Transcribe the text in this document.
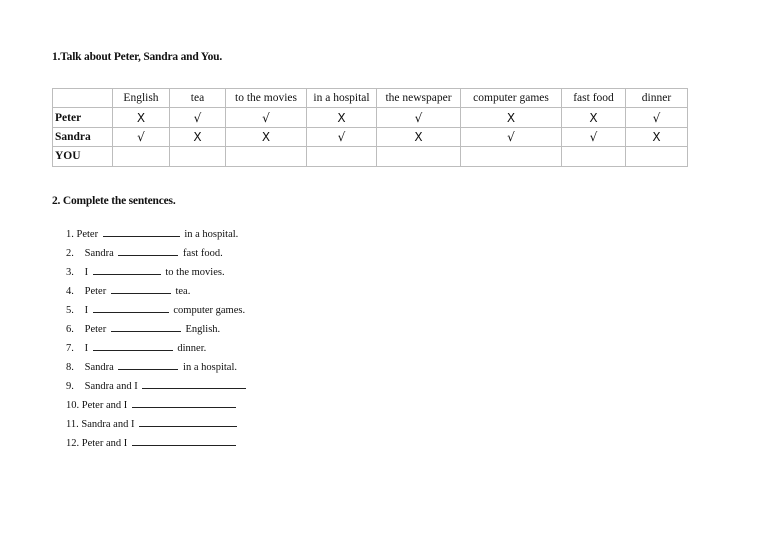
1.Talk about Peter, Sandra and You.
	English	tea	to the movies	in a hospital	the newspaper	computer games	fast food	dinner
Peter	X	√	√	X	√	X	X	√
Sandra	√	X	X	√	X	√	√	X
YOU								
2. Complete the sentences.
1. Peter	in a hospital.
2. Sandra	fast food.
3. I	to the movies.
4. Peter	tea.
5. I	computer games.
6. Peter	English.
7. I	dinner.
8. Sandra	in a hospital.
9. Sandra and I
10. Peter and I
11. Sandra and I
12. Peter and I
